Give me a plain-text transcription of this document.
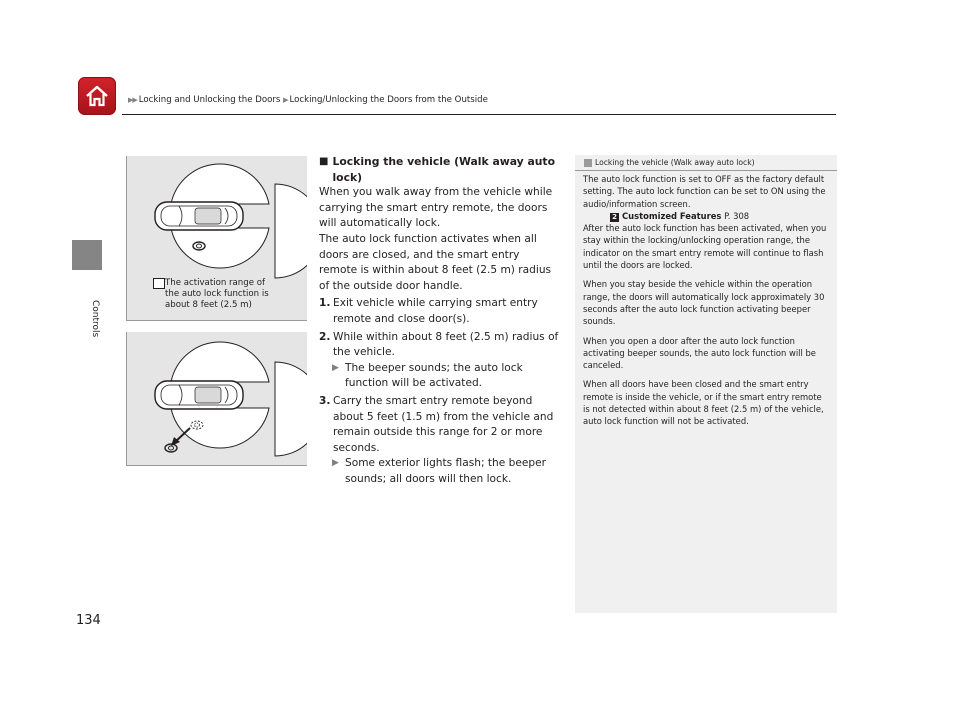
▶▶ Locking and Unlocking the Doors ▶ Locking/Unlocking the Doors from the Outside
Controls
The activation range of
the auto lock function is
about 8 feet (2.5 m)
■ Locking the vehicle (Walk away auto
lock)

When you walk away from the vehicle while carrying the smart entry remote, the doors will automatically lock.

The auto lock function activates when all doors are closed, and the smart entry remote is within about 8 feet (2.5 m) radius of the outside door handle.

1. Exit vehicle while carrying smart entry remote and close door(s).
2. While within about 8 feet (2.5 m) radius of the vehicle.
▶ The beeper sounds; the auto lock function will be activated.
3. Carry the smart entry remote beyond about 5 feet (1.5 m) from the vehicle and remain outside this range for 2 or more seconds.
▶ Some exterior lights flash; the beeper sounds; all doors will then lock.
Locking the vehicle (Walk away auto lock)

The auto lock function is set to OFF as the factory default setting. The auto lock function can be set to ON using the audio/information screen.
2 Customized Features P. 308
After the auto lock function has been activated, when you stay within the locking/unlocking operation range, the indicator on the smart entry remote will continue to flash until the doors are locked.

When you stay beside the vehicle within the operation range, the doors will automatically lock approximately 30 seconds after the auto lock function activating beeper sounds.

When you open a door after the auto lock function activating beeper sounds, the auto lock function will be canceled.

When all doors have been closed and the smart entry remote is inside the vehicle, or if the smart entry remote is not detected within about 8 feet (2.5 m) of the vehicle, auto lock function will not be activated.

134
